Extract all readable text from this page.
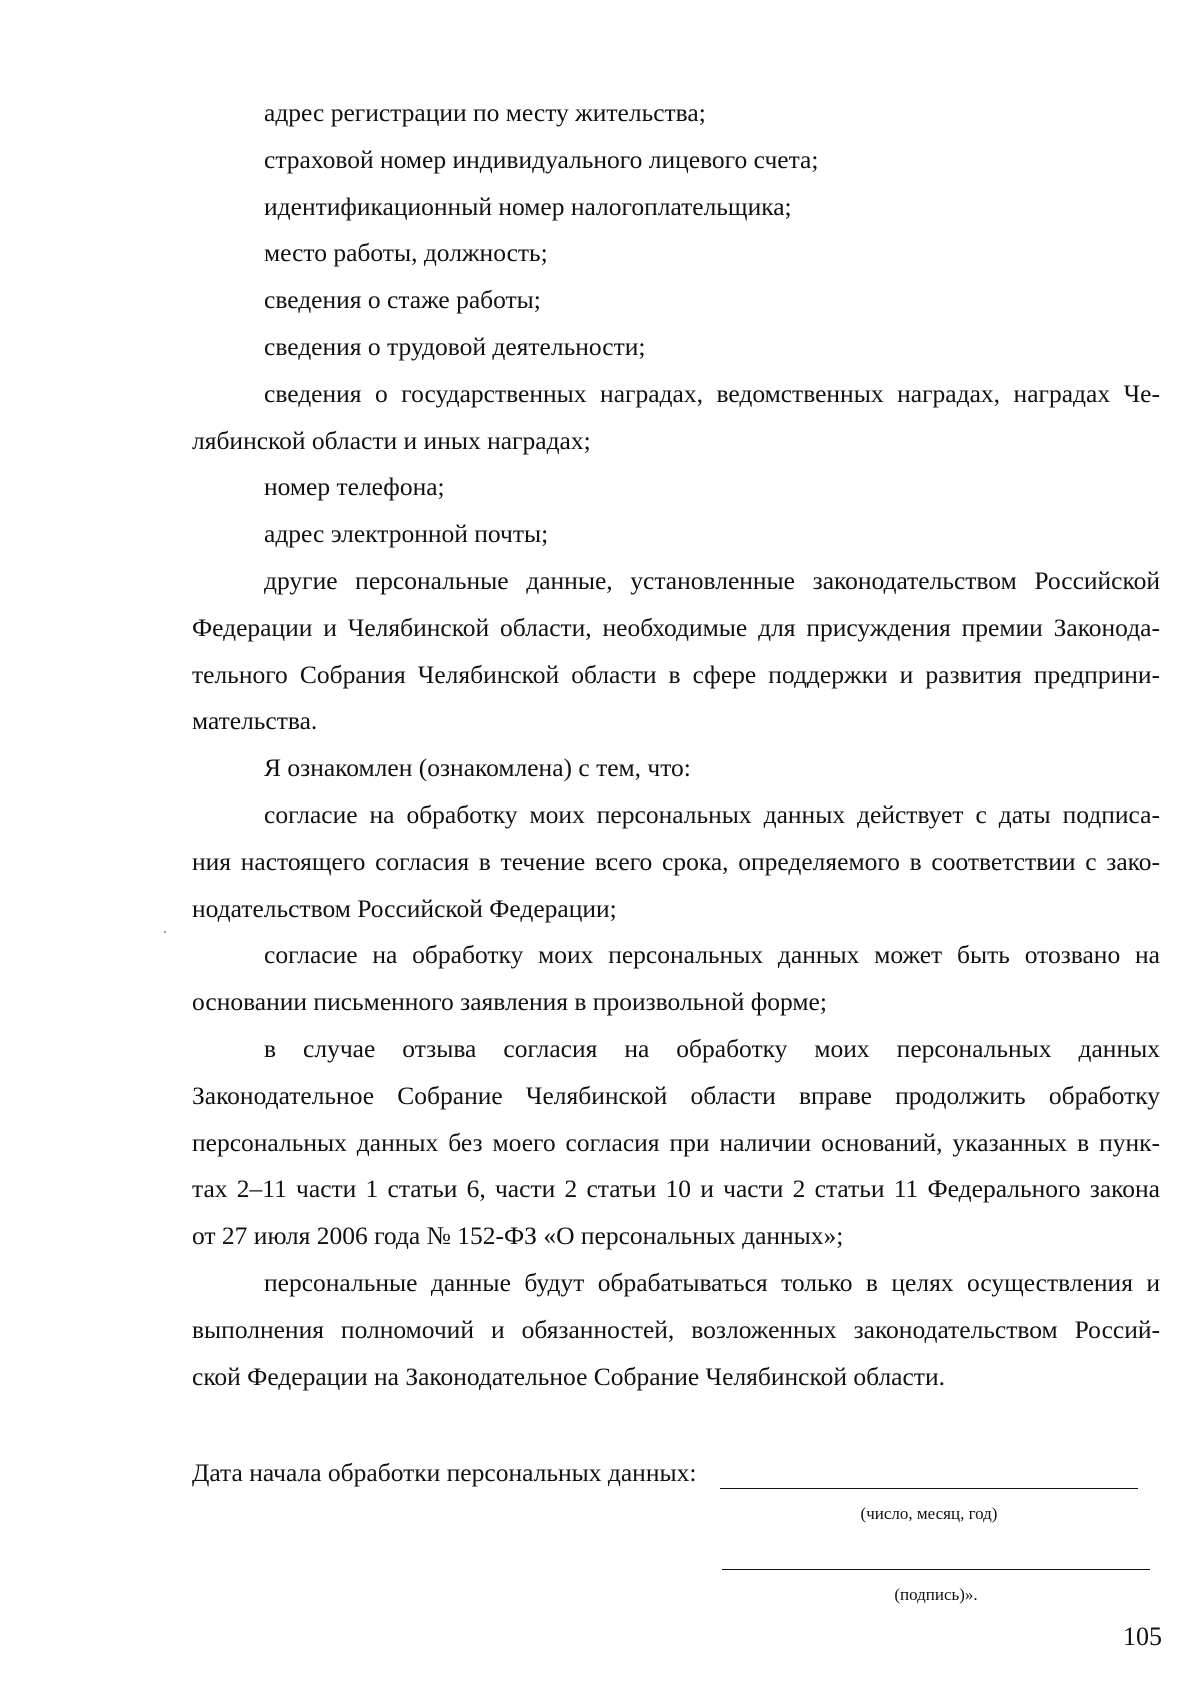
адрес регистрации по месту жительства;

страховой номер индивидуального лицевого счета;

идентификационный номер налогоплательщика;

место работы, должность;

сведения о стаже работы;

сведения о трудовой деятельности;

сведения о государственных наградах, ведомственных наградах, наградах Че-

лябинской области и иных наградах;

номер телефона;

адрес электронной почты;

другие персональные данные, установленные законодательством Российской

Федерации и Челябинской области, необходимые для присуждения премии Законода-

тельного Собрания Челябинской области в сфере поддержки и развития предприни-

мательства.

Я ознакомлен (ознакомлена) с тем, что:

согласие на обработку моих персональных данных действует с даты подписа-

ния настоящего согласия в течение всего срока, определяемого в соответствии с зако-

нодательством Российской Федерации;

согласие на обработку моих персональных данных может быть отозвано на

основании письменного заявления в произвольной форме;

в случае отзыва согласия на обработку моих персональных данных

Законодательное Собрание Челябинской области вправе продолжить обработку

персональных данных без моего согласия при наличии оснований, указанных в пунк-

тах 2–11 части 1 статьи 6, части 2 статьи 10 и части 2 статьи 11 Федерального закона

от 27 июля 2006 года № 152-ФЗ «О персональных данных»;

персональные данные будут обрабатываться только в целях осуществления и

выполнения полномочий и обязанностей, возложенных законодательством Россий-

ской Федерации на Законодательное Собрание Челябинской области.

Дата начала обработки персональных данных:
(число, месяц, год)
(подпись)».
105
